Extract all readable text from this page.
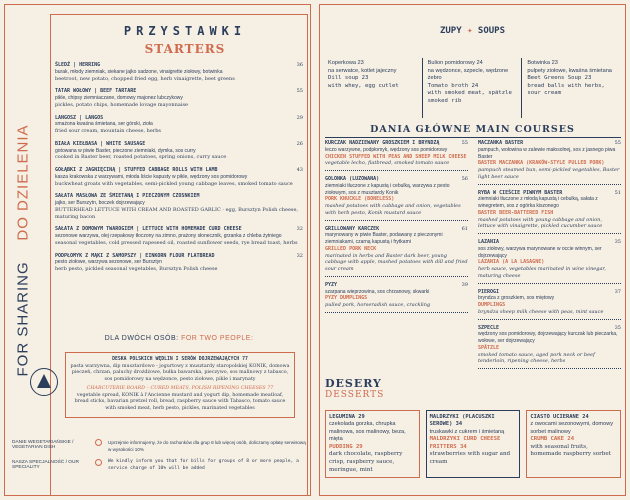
PRZYSTAWKI
STARTERS
FOR SHARING    DO DZIELENIA
ŚLEDŹ | HERRING	36
burak, młody ziemniak, siekane jajko sadzone, vinaigrette ziołowy, botwinka
beetroot, new potato, chopped fried egg, herb vinaigrette, beet greens
TATAR WOŁOWY | BEEF TARTARE	55
pikle, chipsy ziemniaczane, domowy majonez lubczykowy
pickles, potato chips, homemade lovage mayonnaise
LANGOSZ | LANGOS	29
smażona kwaśna śmietana, ser górski, zioła
fried sour cream, mountain cheese, herbs
BIAŁA KIEŁBASA | WHITE SAUSAGE	26
gotowana w piwie Baster, pieczone ziemniaki, dymka, sos curry
cooked in Baster beer, roasted potatoes, spring onions, curry sauce
GOŁĄBKI Z JAGNIĘCINĄ | STUFFED CABBAGE ROLLS WITH LAMB	43
kasza krakowska z warzywami, młoda liście kapusty w pikle, wędzony sos pomidorowy
buckwheat groats with vegetables, semi-pickled young cabbage leaves, smoked tomato sauce
SAŁATA MASŁOWA ZE ŚMIETANĄ I PIECZONYM CZOSNKIEM
jajko, ser Burszytn, boczek dojrzewający
BUTTERHEAD LETTUCE WITH CREAM AND ROASTED GARLIC · egg, Bursztyn Polish cheese, maturing bacon
SAŁATA Z DOMOWYM TWAROGIEM | LETTUCE WITH HOMEMADE CURD CHEESE	32
sezonowe warzywa, olej rzepakowy tłoczony na zimno, prażony słonecznik, grzanka z chleba żytniego
seasonal vegetables, cold pressed rapeseed oil, roasted sunflower seeds, rye bread toast, herbs
PODPŁOMYK Z MĄKI Z SAMOPSZY | EINKORN FLOUR FLATBREAD	32
pesto ziołowe, warzywa sezonowe, ser Bursztyn
herb pesto, pickled seasonal vegetables, Bursztyn Polish cheese
DLA DWÓCH OSÓB: FOR TWO PEOPLE:
DESKA POLSKICH WĘDLIN I SERÓW DOJRZEWAJĄCYCH 77
pasta warzywna, dip musztardowo - jogurtowy z musztardy staropolskiej KONIK, domowa pieczeń, chrzan, paluchy drożdżowe, bułka bawarska, pieczywo, sos malinowy z tabasco, sos pomidorowy na wędzonce, pesto ziołowe, pikle i marynaty
CHARCUTERIE BOARD – CURED MEATS, POLISH RIPENING CHEESES 77
vegetable spread, KONIK à l'Ancienne mustard and yogurt dip, homemade meatloaf, bread sticks, bavarian pretzel roll, bread, raspberry sauce with Tabasco, tomato sauce with smoked meat, herb pesto, pickles, marinated vegetables
DANIE WEGETARIAŃSKIE / VEGETARIAN DISH
NASZA SPECJALNOŚĆ / OUR SPECIALITY
Uprzejmie informujemy, że do rachunków dla grup 8 lub więcej osób, doliczamy opłatę serwisową w wysokości 10%
We kindly inform you that for bills for groups of 8 or more people, a service charge of 10% will be added
ZUPY ✦ SOUPS
Koperkowa 23
na serwatce, kotlet jajeczny
Dill soup 23
with whey, egg cutlet
Bulion pomidorowy 24
na wędzonce, szpecle, wędzone żebro
Tomato broth 24
with smoked meat, spätzle smoked rib
Botwinka 23
pulpety ziołowe, kwaśna śmietana
Beet Greens Soup 23
bread balls with herbs, sour cream
DANIA GŁÓWNE MAIN COURSES
KURCZAK NADZIEWANY GROSZKIEM I BRYNDZĄ	55
leczo warzywne, podpłomyk, wędzony sos pomidorowy
CHICKEN STUFFED WITH PEAS AND SHEEP MILK CHEESE
vegetable lecho, flatbread, smoked tomato sauce
GOLONKA (LUZOWANA)	56
ziemniaki tłuczone z kapustą i cebulką, warzywa z pesto ziołowym, sos z musztardy Konik
PORK KNUCKLE (BONELESS)
mashed potatoes with cabbage and onion, vegetables with herb pesto, Konik mustard sauce
GRILLOWANY KARCZEK	61
marynowany w piwie Baster, podawany z pieczonymi ziemniakami, czarną kapustą i frytkami
GRILLED PORK NECK
marinated in herbs and Baster dark beer, young cabbage with apple, mashed potatoes with dill and fried sour cream
PYZY	39
szarpana wieprzowina, sos chrzanowy, skwarki
PYZY DUMPLINGS
pulled pork, horseradish sauce, crackling
MACZANKA BASTER	55
pampuch, wołowina w zalewie małosolnej, sos z jasnego piwa Baster
BASTER MACZANKA (KRAKÓW-STYLE PULLED PORK)
pampuch steamed bun, semi-pickled vegetables, Baster light beer sauce
RYBA W CIEŚCIE PIWNYM BASTER	51
ziemniaki tłuczone z młodą kapustą i cebulką, sałata z winegretem, sos z ogórka kiszonego
BASTER BEER-BATTERED FISH
mashed potatoes with young cabbage and onion, lettuce with vinaigrette, pickled cucumber sauce
LAZANIA	35
sos ziołowy, warzywa marynowane w occie winnym, ser dojrzewający
LAZANIA (A LA LASAGNE)
herb sauce, vegetables marinated in wine vinegar, maturing cheese
PIEROGI	37
bryndza z groszkiem, sos miętowy
DUMPLINGS
bryndza sheep milk cheese with peas, mint sauce
SZPECLE	35
wędzony sos pomidorowy, dojrzewający kurczak lub pieczarka, wołowe, ser dojrzewający
SPÄTZLE
smoked tomato sauce, aged pork neck or beef tenderloin, ripening cheese, herbs
DESERY
DESSERTS
LEGUMINA 29
czekolada gorzka, chrupka malinowa, sos malinowy, beza, mięta
PUDDING 29
dark chocolate, raspberry crisp, raspberry sauce, meringue, mint
MALDRZYKI (PLACUSZKI SEROWE) 34
truskawki z cukrem i śmietaną
MALDRZYKI CURD CHEESE FRITTERS 34
strawberries with sugar and cream
CIASTO UCIERANE 24
z owocami sezonowymi, domowy sorbet malinowy
CRUMB CAKE 24
with seasonal fruits, homemade raspberry sorbet
